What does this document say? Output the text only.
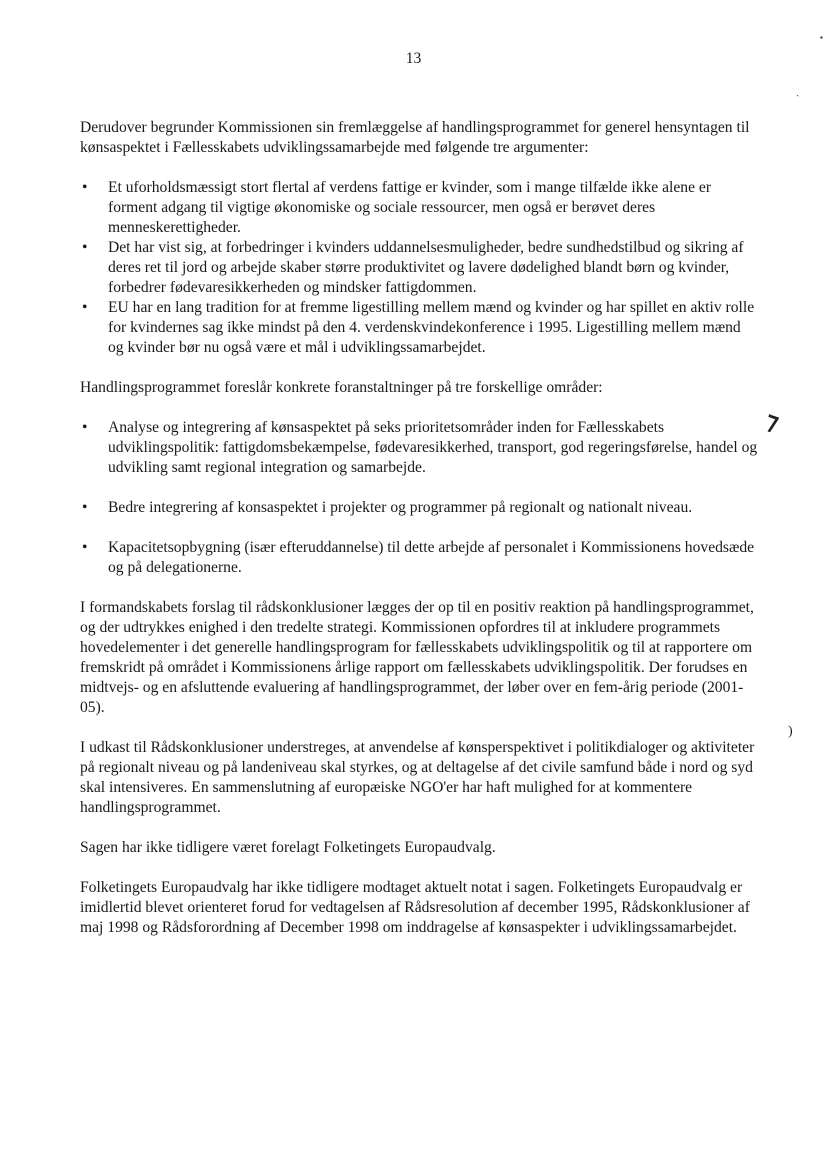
▪
ˎ
⁊
)
13

Derudover begrunder Kommissionen sin fremlæggelse af handlingsprogrammet for generel hensyntagen til kønsaspektet i Fællesskabets udviklingssamarbejde med følgende tre argumenter:

• Et uforholdsmæssigt stort flertal af verdens fattige er kvinder, som i mange tilfælde ikke alene er forment adgang til vigtige økonomiske og sociale ressourcer, men også er berøvet deres menneskerettigheder.
• Det har vist sig, at forbedringer i kvinders uddannelsesmuligheder, bedre sundhedstilbud og sikring af deres ret til jord og arbejde skaber større produktivitet og lavere dødelighed blandt børn og kvinder, forbedrer fødevaresikkerheden og mindsker fattigdommen.
• EU har en lang tradition for at fremme ligestilling mellem mænd og kvinder og har spillet en aktiv rolle for kvindernes sag ikke mindst på den 4. verdenskvindekonference i 1995. Ligestilling mellem mænd og kvinder bør nu også være et mål i udviklingssamarbejdet.

Handlingsprogrammet foreslår konkrete foranstaltninger på tre forskellige områder:

• Analyse og integrering af kønsaspektet på seks prioritetsområder inden for Fællesskabets udviklingspolitik: fattigdomsbekæmpelse, fødevaresikkerhed, transport, god regeringsførelse, handel og udvikling samt regional integration og samarbejde.
• Bedre integrering af konsaspektet i projekter og programmer på regionalt og nationalt niveau.
• Kapacitetsopbygning (især efteruddannelse) til dette arbejde af personalet i Kommissionens hovedsæde og på delegationerne.

I formandskabets forslag til rådskonklusioner lægges der op til en positiv reaktion på handlingsprogrammet, og der udtrykkes enighed i den tredelte strategi. Kommissionen opfordres til at inkludere programmets hovedelementer i det generelle handlingsprogram for fællesskabets udviklingspolitik og til at rapportere om fremskridt på området i Kommissionens årlige rapport om fællesskabets udviklingspolitik. Der forudses en midtvejs- og en afsluttende evaluering af handlingsprogrammet, der løber over en fem-årig periode (2001-05).

I udkast til Rådskonklusioner understreges, at anvendelse af kønsperspektivet i politikdialoger og aktiviteter på regionalt niveau og på landeniveau skal styrkes, og at deltagelse af det civile samfund både i nord og syd skal intensiveres. En sammenslutning af europæiske NGO'er har haft mulighed for at kommentere handlingsprogrammet.

Sagen har ikke tidligere været forelagt Folketingets Europaudvalg.

Folketingets Europaudvalg har ikke tidligere modtaget aktuelt notat i sagen. Folketingets Europaudvalg er imidlertid blevet orienteret forud for vedtagelsen af Rådsresolution af december 1995, Rådskonklusioner af maj 1998 og Rådsforordning af December 1998 om inddragelse af kønsaspekter i udviklingssamarbejdet.
